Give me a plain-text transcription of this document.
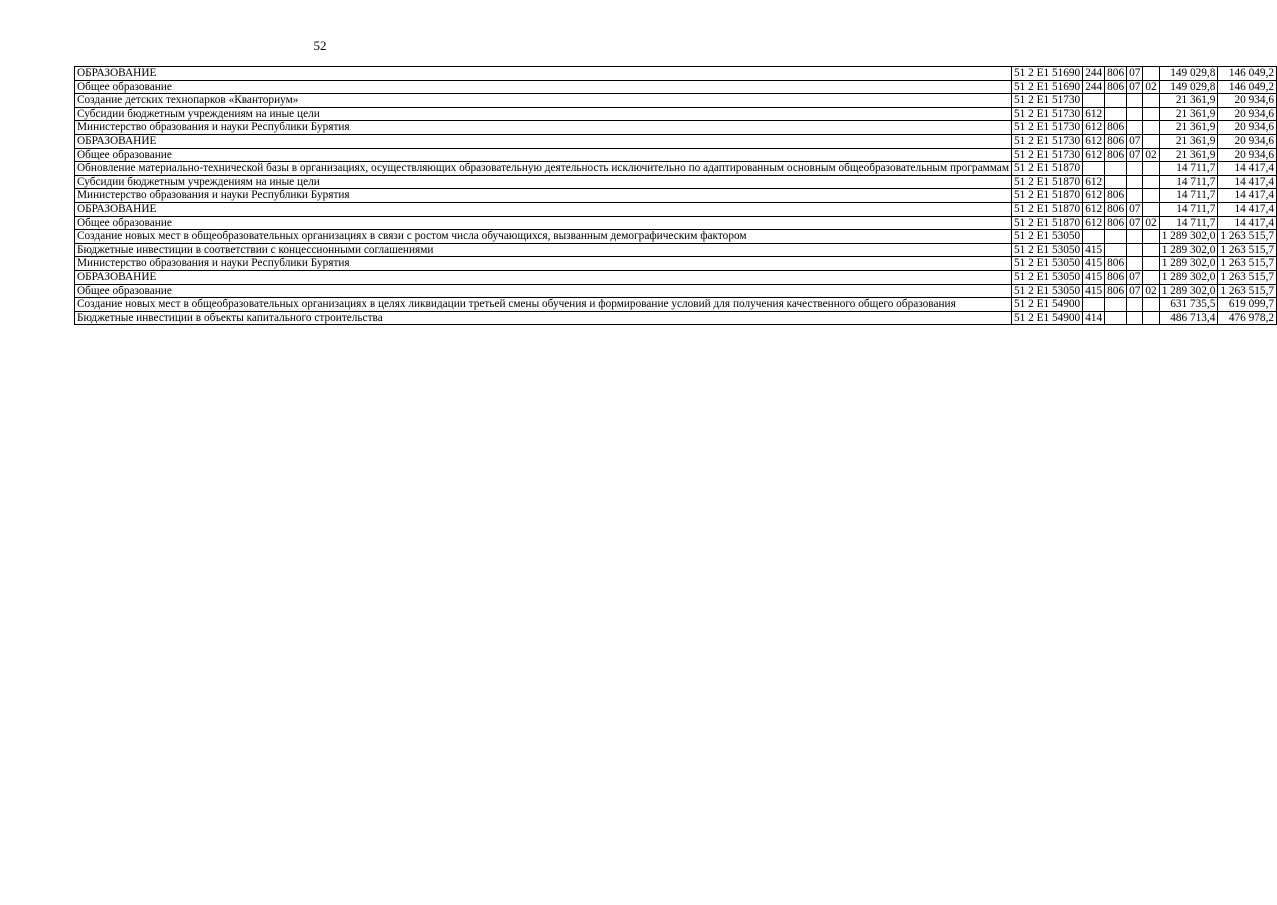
52
ОБРАЗОВАНИЕ	51 2 E1 51690	244	806	07		149 029,8	146 049,2
Общее образование	51 2 E1 51690	244	806	07	02	149 029,8	146 049,2
Создание детских технопарков «Кванториум»	51 2 E1 51730					21 361,9	20 934,6
Субсидии бюджетным учреждениям на иные цели	51 2 E1 51730	612				21 361,9	20 934,6
Министерство образования и науки Республики Бурятия	51 2 E1 51730	612	806			21 361,9	20 934,6
ОБРАЗОВАНИЕ	51 2 E1 51730	612	806	07		21 361,9	20 934,6
Общее образование	51 2 E1 51730	612	806	07	02	21 361,9	20 934,6
Обновление материально-технической базы в организациях, осуществляющих образовательную деятельность исключительно по адаптированным основным общеобразовательным программам	51 2 E1 51870					14 711,7	14 417,4
Субсидии бюджетным учреждениям на иные цели	51 2 E1 51870	612				14 711,7	14 417,4
Министерство образования и науки Республики Бурятия	51 2 E1 51870	612	806			14 711,7	14 417,4
ОБРАЗОВАНИЕ	51 2 E1 51870	612	806	07		14 711,7	14 417,4
Общее образование	51 2 E1 51870	612	806	07	02	14 711,7	14 417,4
Создание новых мест в общеобразовательных организациях в связи с ростом числа обучающихся, вызванным демографическим фактором	51 2 E1 53050					1 289 302,0	1 263 515,7
Бюджетные инвестиции в соответствии с концессионными соглашениями	51 2 E1 53050	415				1 289 302,0	1 263 515,7
Министерство образования и науки Республики Бурятия	51 2 E1 53050	415	806			1 289 302,0	1 263 515,7
ОБРАЗОВАНИЕ	51 2 E1 53050	415	806	07		1 289 302,0	1 263 515,7
Общее образование	51 2 E1 53050	415	806	07	02	1 289 302,0	1 263 515,7
Создание новых мест в общеобразовательных организациях в целях ликвидации третьей смены обучения и формирование условий для получения качественного общего образования	51 2 E1 54900					631 735,5	619 099,7
Бюджетные инвестиции в объекты капитального строительства	51 2 E1 54900	414				486 713,4	476 978,2
